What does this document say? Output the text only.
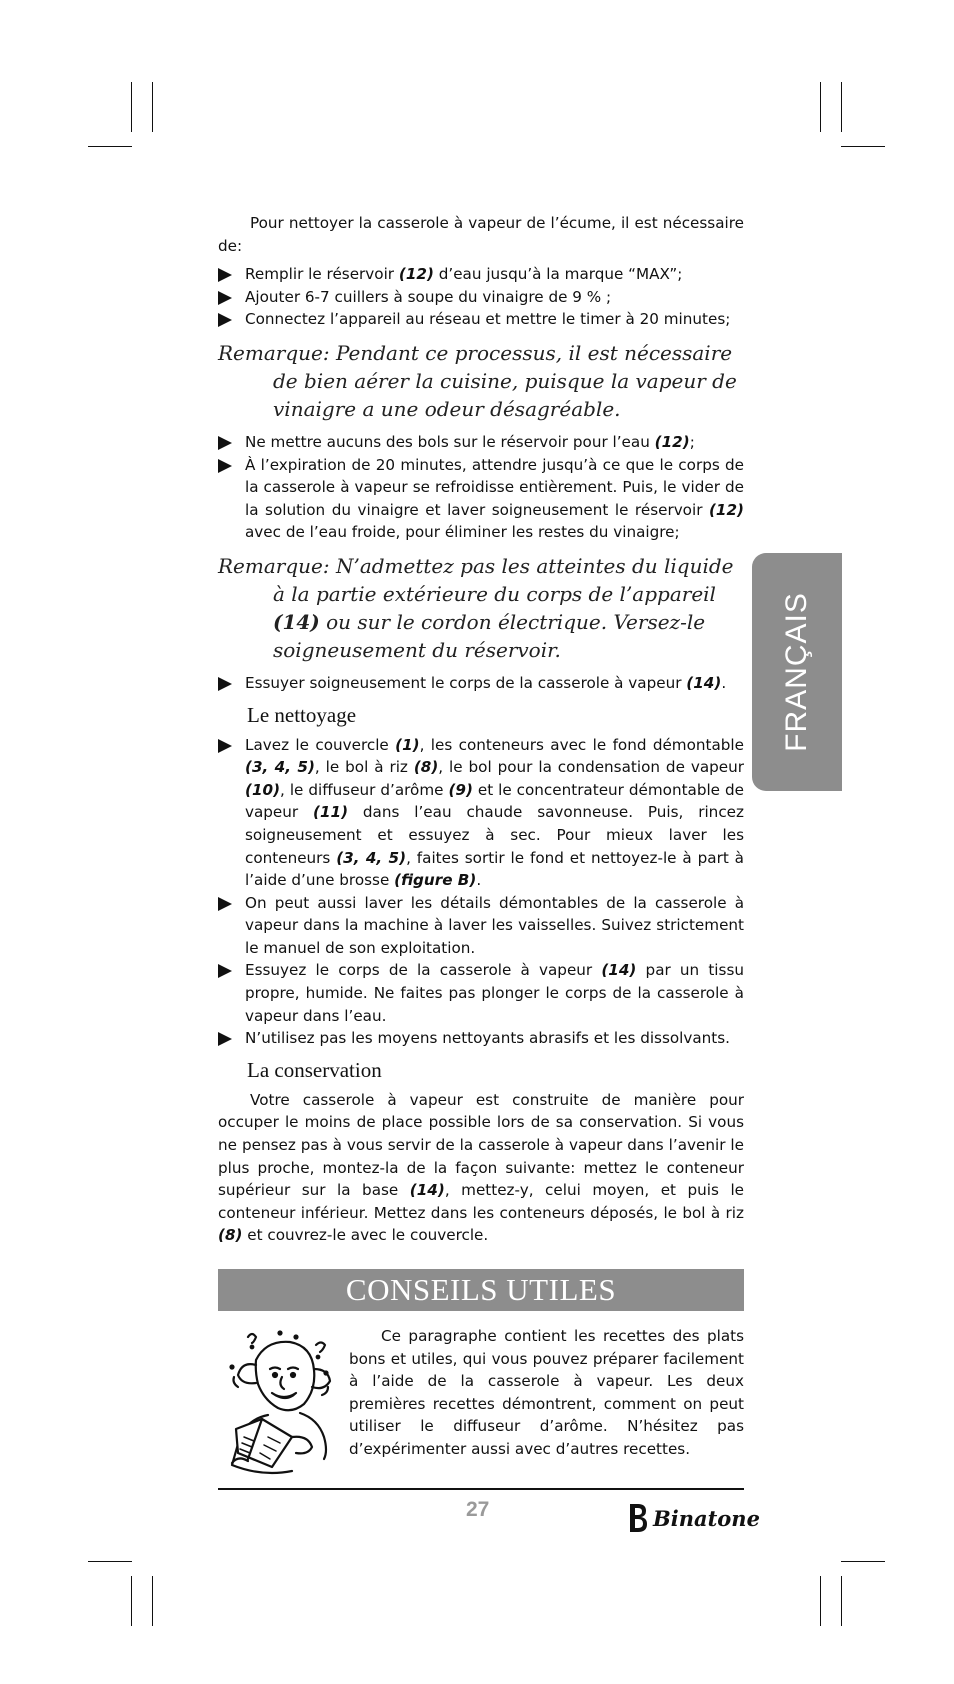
FRANÇAIS

Pour nettoyer la casserole à vapeur de l’écume, il est nécessaire de:

Remplir le réservoir (12) d’eau jusqu’à la marque “MAX”;
Ajouter 6-7 cuillers à soupe du vinaigre de 9 % ;
Connectez l’appareil au réseau et mettre le timer à 20 minutes;

Remarque: Pendant ce processus, il est nécessaire de bien aérer la cuisine, puisque la vapeur de vinaigre a une odeur désagréable.

Ne mettre aucuns des bols sur le réservoir pour l’eau (12);
À l’expiration de 20 minutes, attendre jusqu’à ce que le corps de la casserole à vapeur se refroidisse entièrement. Puis, le vider de la solution du vinaigre et laver soigneusement le réservoir (12) avec de l’eau froide, pour éliminer les restes du vinaigre;

Remarque: N’admettez pas les atteintes du liquide à la partie extérieure du corps de l’appareil (14) ou sur le cordon électrique. Versez-le soigneusement du réservoir.

Essuyer soigneusement le corps de la casserole à vapeur (14).
Le nettoyage
Lavez le couvercle (1), les conteneurs avec le fond démontable (3, 4, 5), le bol à riz (8), le bol pour la condensation de vapeur (10), le diffuseur d’arôme (9) et le concentrateur démontable de vapeur (11) dans l’eau chaude savonneuse. Puis, rincez soigneusement et essuyez à sec. Pour mieux laver les conteneurs (3, 4, 5), faites sortir le fond et nettoyez-le à part à l’aide d’une brosse (figure B).
On peut aussi laver les détails démontables de la casserole à vapeur dans la machine à laver les vaisselles. Suivez strictement le manuel de son exploitation.
Essuyez le corps de la casserole à vapeur (14) par un tissu propre, humide. Ne faites pas plonger le corps de la casserole à vapeur dans l’eau.
N’utilisez pas les moyens nettoyants abrasifs et les dissolvants.
La conservation

Votre casserole à vapeur est construite de manière pour occuper le moins de place possible lors de sa conservation. Si vous ne pensez pas à vous servir de la casserole à vapeur dans l’avenir le plus proche, montez-la de la façon suivante: mettez le conteneur supérieur sur la base (14), mettez-y, celui moyen, et puis le conteneur inférieur. Mettez dans les conteneurs déposés, le bol à riz (8) et couvrez-le avec le couvercle.

CONSEILS UTILES

Ce paragraphe contient les recettes des plats bons et utiles, qui vous pouvez préparer facilement à l’aide de la casserole à vapeur. Les deux premières recettes démontrent, comment on peut utiliser le diffuseur d’arôme. N’hésitez pas d’expérimenter aussi avec d’autres recettes.

27	Binatone
